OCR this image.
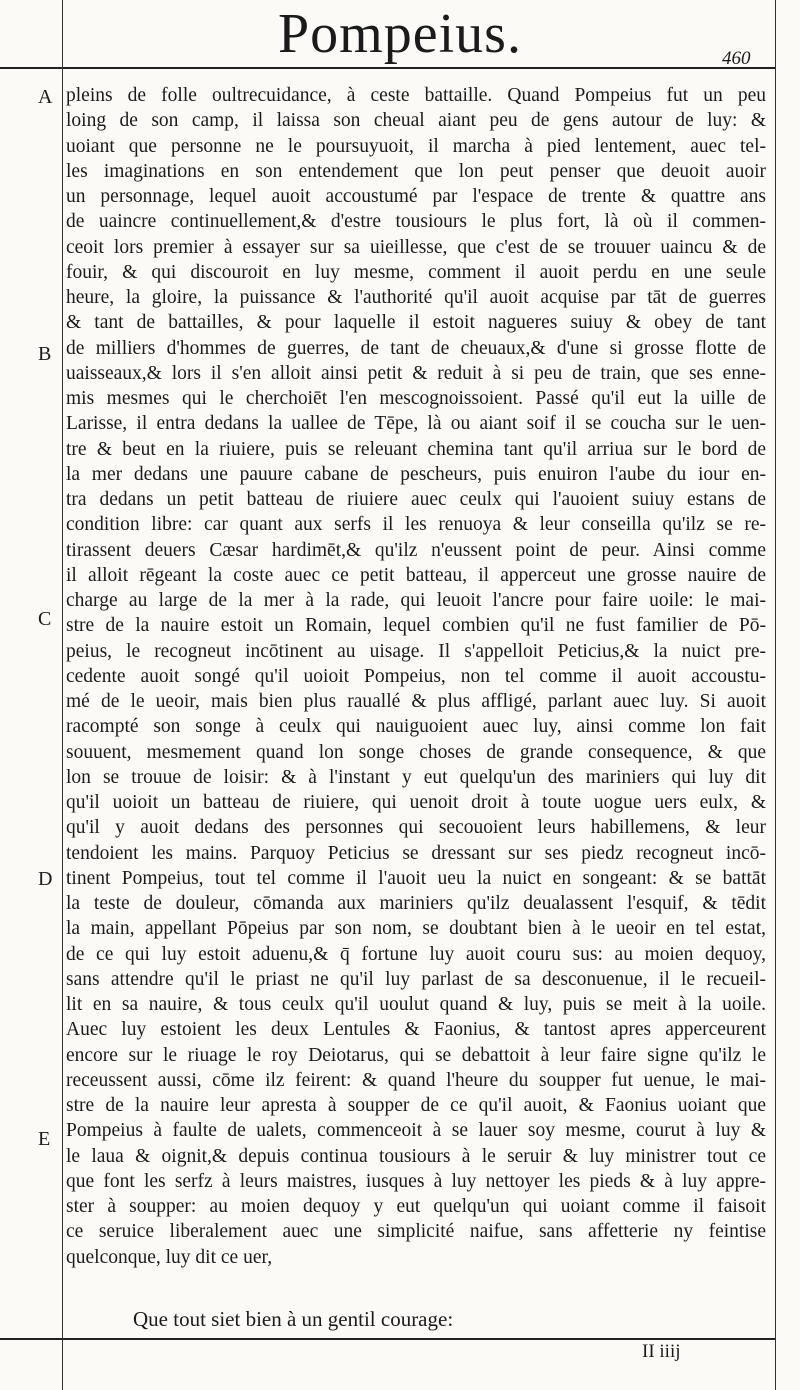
Pompeius.	460
A
B
C
D
E
pleins de folle oultrecuidance, à ceste battaille. Quand Pompeius fut un peu
loing de son camp, il laissa son cheual aiant peu de gens autour de luy: &
uoiant que personne ne le poursuyuoit, il marcha à pied lentement, auec tel-
les imaginations en son entendement que lon peut penser que deuoit auoir
un personnage, lequel auoit accoustumé par l'espace de trente & quattre ans
de uaincre continuellement,& d'estre tousiours le plus fort, là où il commen-
ceoit lors premier à essayer sur sa uieillesse, que c'est de se trouuer uaincu & de
fouir, & qui discouroit en luy mesme, comment il auoit perdu en une seule
heure, la gloire, la puissance & l'authorité qu'il auoit acquise par tāt de guerres
& tant de battailles, & pour laquelle il estoit nagueres suiuy & obey de tant
de milliers d'hommes de guerres, de tant de cheuaux,& d'une si grosse flotte de
uaisseaux,& lors il s'en alloit ainsi petit & reduit à si peu de train, que ses enne-
mis mesmes qui le cherchoiēt l'en mescognoissoient. Passé qu'il eut la uille de
Larisse, il entra dedans la uallee de Tēpe, là ou aiant soif il se coucha sur le uen-
tre & beut en la riuiere, puis se releuant chemina tant qu'il arriua sur le bord de
la mer dedans une pauure cabane de pescheurs, puis enuiron l'aube du iour en-
tra dedans un petit batteau de riuiere auec ceulx qui l'auoient suiuy estans de
condition libre: car quant aux serfs il les renuoya & leur conseilla qu'ilz se re-
tirassent deuers Cæsar hardimēt,& qu'ilz n'eussent point de peur. Ainsi comme
il alloit rēgeant la coste auec ce petit batteau, il apperceut une grosse nauire de
charge au large de la mer à la rade, qui leuoit l'ancre pour faire uoile: le mai-
stre de la nauire estoit un Romain, lequel combien qu'il ne fust familier de Pō-
peius, le recogneut incōtinent au uisage. Il s'appelloit Peticius,& la nuict pre-
cedente auoit songé qu'il uoioit Pompeius, non tel comme il auoit accoustu-
mé de le ueoir, mais bien plus rauallé & plus affligé, parlant auec luy. Si auoit
racompté son songe à ceulx qui nauiguoient auec luy, ainsi comme lon fait
souuent, mesmement quand lon songe choses de grande consequence, & que
lon se trouue de loisir: & à l'instant y eut quelqu'un des mariniers qui luy dit
qu'il uoioit un batteau de riuiere, qui uenoit droit à toute uogue uers eulx, &
qu'il y auoit dedans des personnes qui secouoient leurs habillemens, & leur
tendoient les mains. Parquoy Peticius se dressant sur ses piedz recogneut incō-
tinent Pompeius, tout tel comme il l'auoit ueu la nuict en songeant: & se battāt
la teste de douleur, cōmanda aux mariniers qu'ilz deualassent l'esquif, & tēdit
la main, appellant Pōpeius par son nom, se doubtant bien à le ueoir en tel estat,
de ce qui luy estoit aduenu,& q̄ fortune luy auoit couru sus: au moien dequoy,
sans attendre qu'il le priast ne qu'il luy parlast de sa desconuenue, il le recueil-
lit en sa nauire, & tous ceulx qu'il uoulut quand & luy, puis se meit à la uoile.
Auec luy estoient les deux Lentules & Faonius, & tantost apres apperceurent
encore sur le riuage le roy Deiotarus, qui se debattoit à leur faire signe qu'ilz le
receussent aussi, cōme ilz feirent: & quand l'heure du soupper fut uenue, le mai-
stre de la nauire leur apresta à soupper de ce qu'il auoit, & Faonius uoiant que
Pompeius à faulte de ualets, commenceoit à se lauer soy mesme, courut à luy &
le laua & oignit,& depuis continua tousiours à le seruir & luy ministrer tout ce
que font les serfz à leurs maistres, iusques à luy nettoyer les pieds & à luy appre-
ster à soupper: au moien dequoy y eut quelqu'un qui uoiant comme il faisoit
ce seruice liberalement auec une simplicité naifue, sans affetterie ny feintise
quelconque, luy dit ce uer,
Que tout siet bien à un gentil courage:
II iiij
